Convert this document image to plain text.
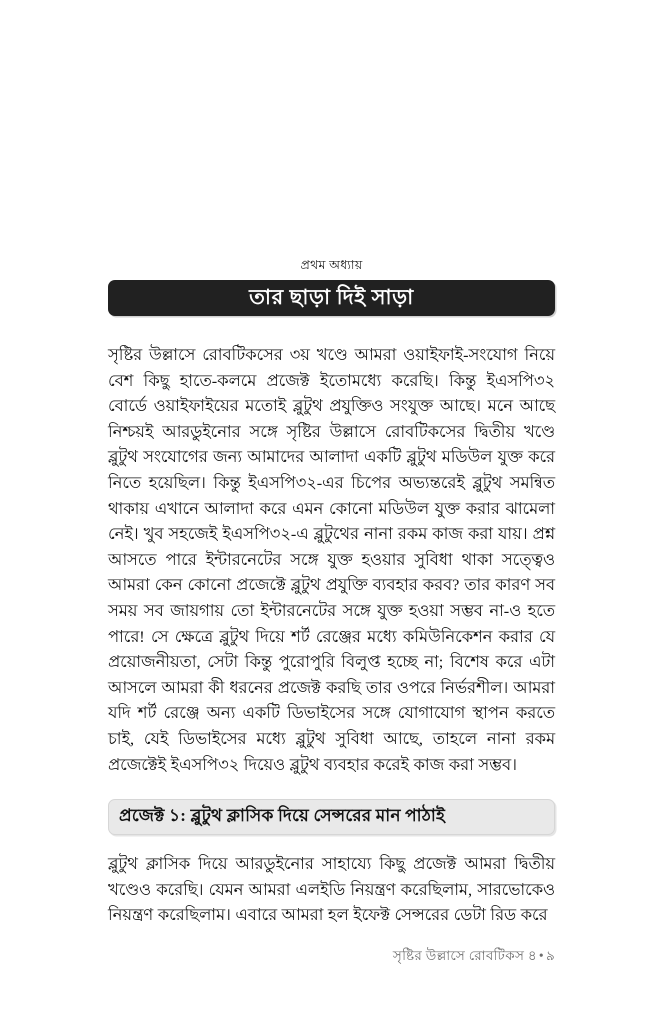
প্রথম অধ্যায়
তার ছাড়া দিই সাড়া

সৃষ্টির উল্লাসে রোবটিকসের ৩য় খণ্ডে আমরা ওয়াইফাই-সংযোগ নিয়ে বেশ কিছু হাতে-কলমে প্রজেক্ট ইতোমধ্যে করেছি। কিন্তু ইএসপি৩২ বোর্ডে ওয়াইফাইয়ের মতোই ব্লুটুথ প্রযুক্তিও সংযুক্ত আছে। মনে আছে নিশ্চয়ই আরডুইনোর সঙ্গে সৃষ্টির উল্লাসে রোবটিকসের দ্বিতীয় খণ্ডে ব্লুটুথ সংযোগের জন্য আমাদের আলাদা একটি ব্লুটুথ মডিউল যুক্ত করে নিতে হয়েছিল। কিন্তু ইএসপি৩২-এর চিপের অভ্যন্তরেই ব্লুটুথ সমন্বিত থাকায় এখানে আলাদা করে এমন কোনো মডিউল যুক্ত করার ঝামেলা নেই। খুব সহজেই ইএসপি৩২-এ ব্লুটুথের নানা রকম কাজ করা যায়। প্রশ্ন আসতে পারে ইন্টারনেটের সঙ্গে যুক্ত হওয়ার সুবিধা থাকা সত্ত্বেও আমরা কেন কোনো প্রজেক্টে ব্লুটুথ প্রযুক্তি ব্যবহার করব? তার কারণ সব সময় সব জায়গায় তো ইন্টারনেটের সঙ্গে যুক্ত হওয়া সম্ভব না-ও হতে পারে! সে ক্ষেত্রে ব্লুটুথ দিয়ে শর্ট রেঞ্জের মধ্যে কমিউনিকেশন করার যে প্রয়োজনীয়তা, সেটা কিন্তু পুরোপুরি বিলুপ্ত হচ্ছে না; বিশেষ করে এটা আসলে আমরা কী ধরনের প্রজেক্ট করছি তার ওপরে নির্ভরশীল। আমরা যদি শর্ট রেঞ্জে অন্য একটি ডিভাইসের সঙ্গে যোগাযোগ স্থাপন করতে চাই, যেই ডিভাইসের মধ্যে ব্লুটুথ সুবিধা আছে, তাহলে নানা রকম প্রজেক্টেই ইএসপি৩২ দিয়েও ব্লুটুথ ব্যবহার করেই কাজ করা সম্ভব।

প্রজেক্ট ১: ব্লুটুথ ক্লাসিক দিয়ে সেন্সরের মান পাঠাই

ব্লুটুথ ক্লাসিক দিয়ে আরডুইনোর সাহায্যে কিছু প্রজেক্ট আমরা দ্বিতীয় খণ্ডেও করেছি। যেমন আমরা এলইডি নিয়ন্ত্রণ করেছিলাম, সারভোকেও নিয়ন্ত্রণ করেছিলাম। এবারে আমরা হল ইফেক্ট সেন্সরের ডেটা রিড করে

সৃষ্টির উল্লাসে রোবটিকস ৪ • ৯
